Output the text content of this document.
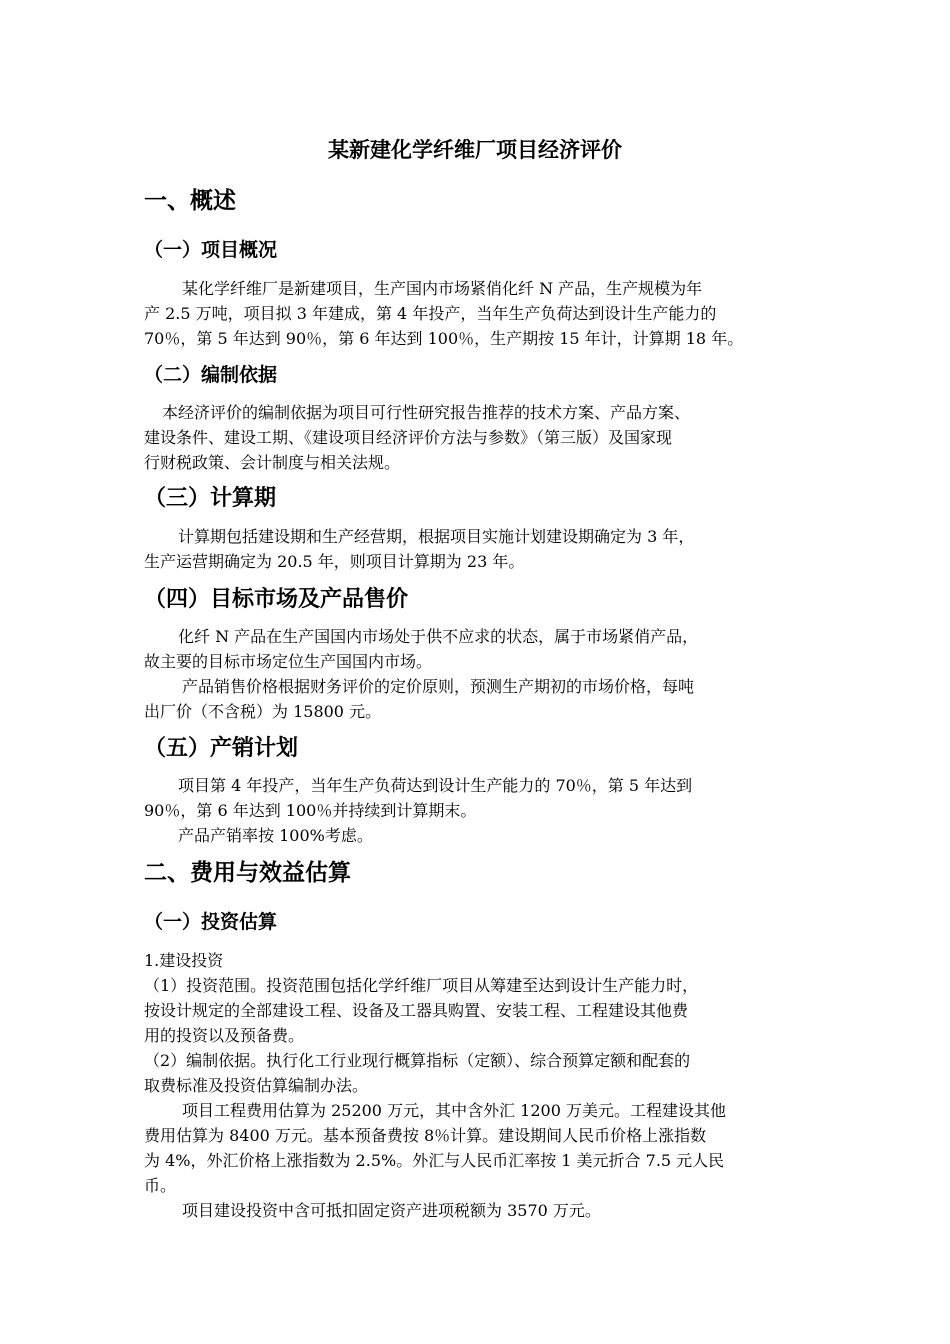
某新建化学纤维厂项目经济评价
一、概述
（一）项目概况
某化学纤维厂是新建项目，生产国内市场紧俏化纤 N 产品，生产规模为年
产 2.5 万吨，项目拟 3 年建成，第 4 年投产，当年生产负荷达到设计生产能力的
70％，第 5 年达到 90％，第 6 年达到 100％，生产期按 15 年计，计算期 18 年。
（二）编制依据
本经济评价的编制依据为项目可行性研究报告推荐的技术方案、产品方案、
建设条件、建设工期、《建设项目经济评价方法与参数》（第三版）及国家现
行财税政策、会计制度与相关法规。
（三）计算期
计算期包括建设期和生产经营期，根据项目实施计划建设期确定为 3 年，
生产运营期确定为 20.5 年，则项目计算期为 23 年。
（四）目标市场及产品售价
化纤 N 产品在生产国国内市场处于供不应求的状态，属于市场紧俏产品，
故主要的目标市场定位生产国国内市场。
产品销售价格根据财务评价的定价原则，预测生产期初的市场价格，每吨
出厂价（不含税）为 15800 元。
（五）产销计划
项目第 4 年投产，当年生产负荷达到设计生产能力的 70％，第 5 年达到
90％，第 6 年达到 100％并持续到计算期末。
产品产销率按 100%考虑。
二、费用与效益估算
（一）投资估算
1.建设投资
（1）投资范围。投资范围包括化学纤维厂项目从筹建至达到设计生产能力时，
按设计规定的全部建设工程、设备及工器具购置、安装工程、工程建设其他费
用的投资以及预备费。
（2）编制依据。执行化工行业现行概算指标（定额）、综合预算定额和配套的
取费标准及投资估算编制办法。
项目工程费用估算为 25200 万元，其中含外汇 1200 万美元。工程建设其他
费用估算为 8400 万元。基本预备费按 8％计算。建设期间人民币价格上涨指数
为 4%，外汇价格上涨指数为 2.5%。外汇与人民币汇率按 1 美元折合 7.5 元人民
币。
项目建设投资中含可抵扣固定资产进项税额为 3570 万元。
